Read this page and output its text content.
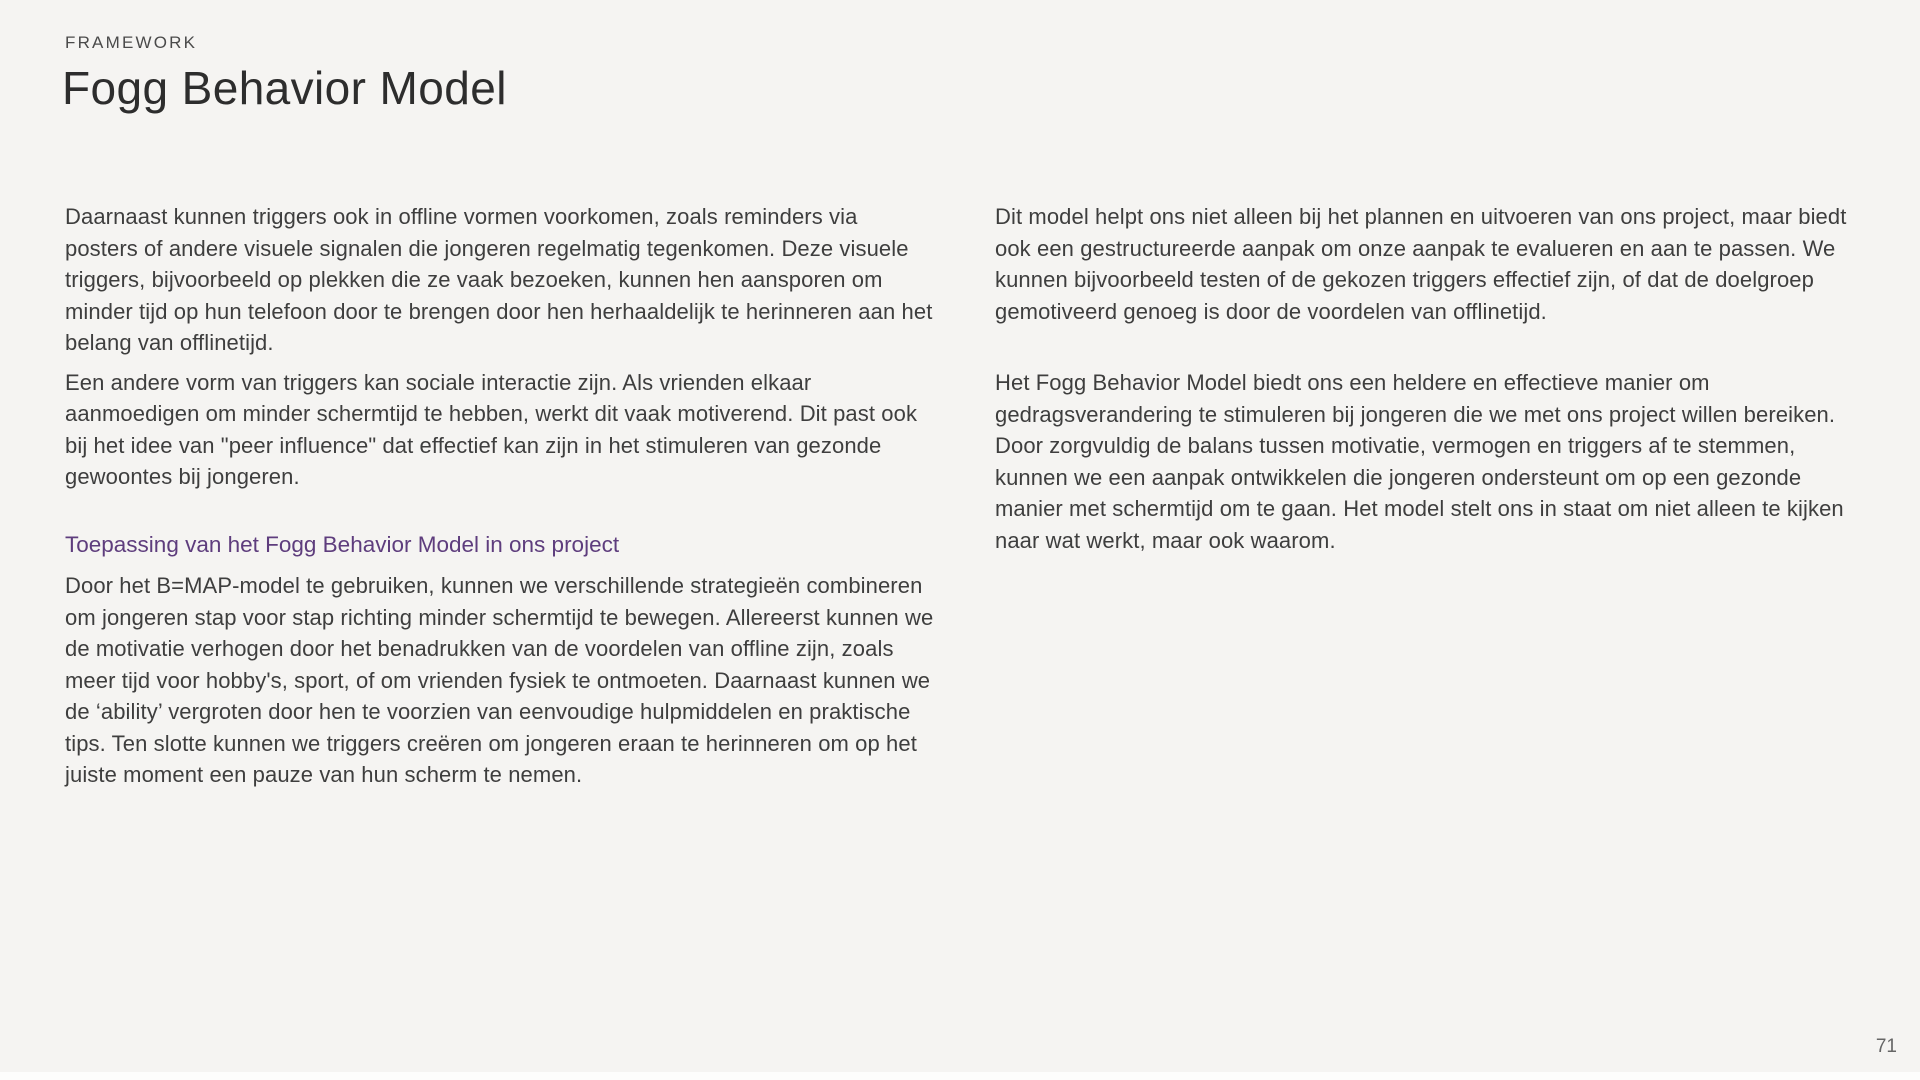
FRAMEWORK
Fogg Behavior Model

Daarnaast kunnen triggers ook in offline vormen voorkomen, zoals reminders via posters of andere visuele signalen die jongeren regelmatig tegenkomen. Deze visuele triggers, bijvoorbeeld op plekken die ze vaak bezoeken, kunnen hen aansporen om minder tijd op hun telefoon door te brengen door hen herhaaldelijk te herinneren aan het belang van offlinetijd.

Een andere vorm van triggers kan sociale interactie zijn. Als vrienden elkaar aanmoedigen om minder schermtijd te hebben, werkt dit vaak motiverend. Dit past ook bij het idee van "peer influence" dat effectief kan zijn in het stimuleren van gezonde gewoontes bij jongeren.

Toepassing van het Fogg Behavior Model in ons project

Door het B=MAP-model te gebruiken, kunnen we verschillende strategieën combineren om jongeren stap voor stap richting minder schermtijd te bewegen. Allereerst kunnen we de motivatie verhogen door het benadrukken van de voordelen van offline zijn, zoals meer tijd voor hobby's, sport, of om vrienden fysiek te ontmoeten. Daarnaast kunnen we de ‘ability’ vergroten door hen te voorzien van eenvoudige hulpmiddelen en praktische tips. Ten slotte kunnen we triggers creëren om jongeren eraan te herinneren om op het juiste moment een pauze van hun scherm te nemen.

Dit model helpt ons niet alleen bij het plannen en uitvoeren van ons project, maar biedt ook een gestructureerde aanpak om onze aanpak te evalueren en aan te passen. We kunnen bijvoorbeeld testen of de gekozen triggers effectief zijn, of dat de doelgroep gemotiveerd genoeg is door de voordelen van offlinetijd.

Het Fogg Behavior Model biedt ons een heldere en effectieve manier om gedragsverandering te stimuleren bij jongeren die we met ons project willen bereiken. Door zorgvuldig de balans tussen motivatie, vermogen en triggers af te stemmen, kunnen we een aanpak ontwikkelen die jongeren ondersteunt om op een gezonde manier met schermtijd om te gaan. Het model stelt ons in staat om niet alleen te kijken naar wat werkt, maar ook waarom.

71
